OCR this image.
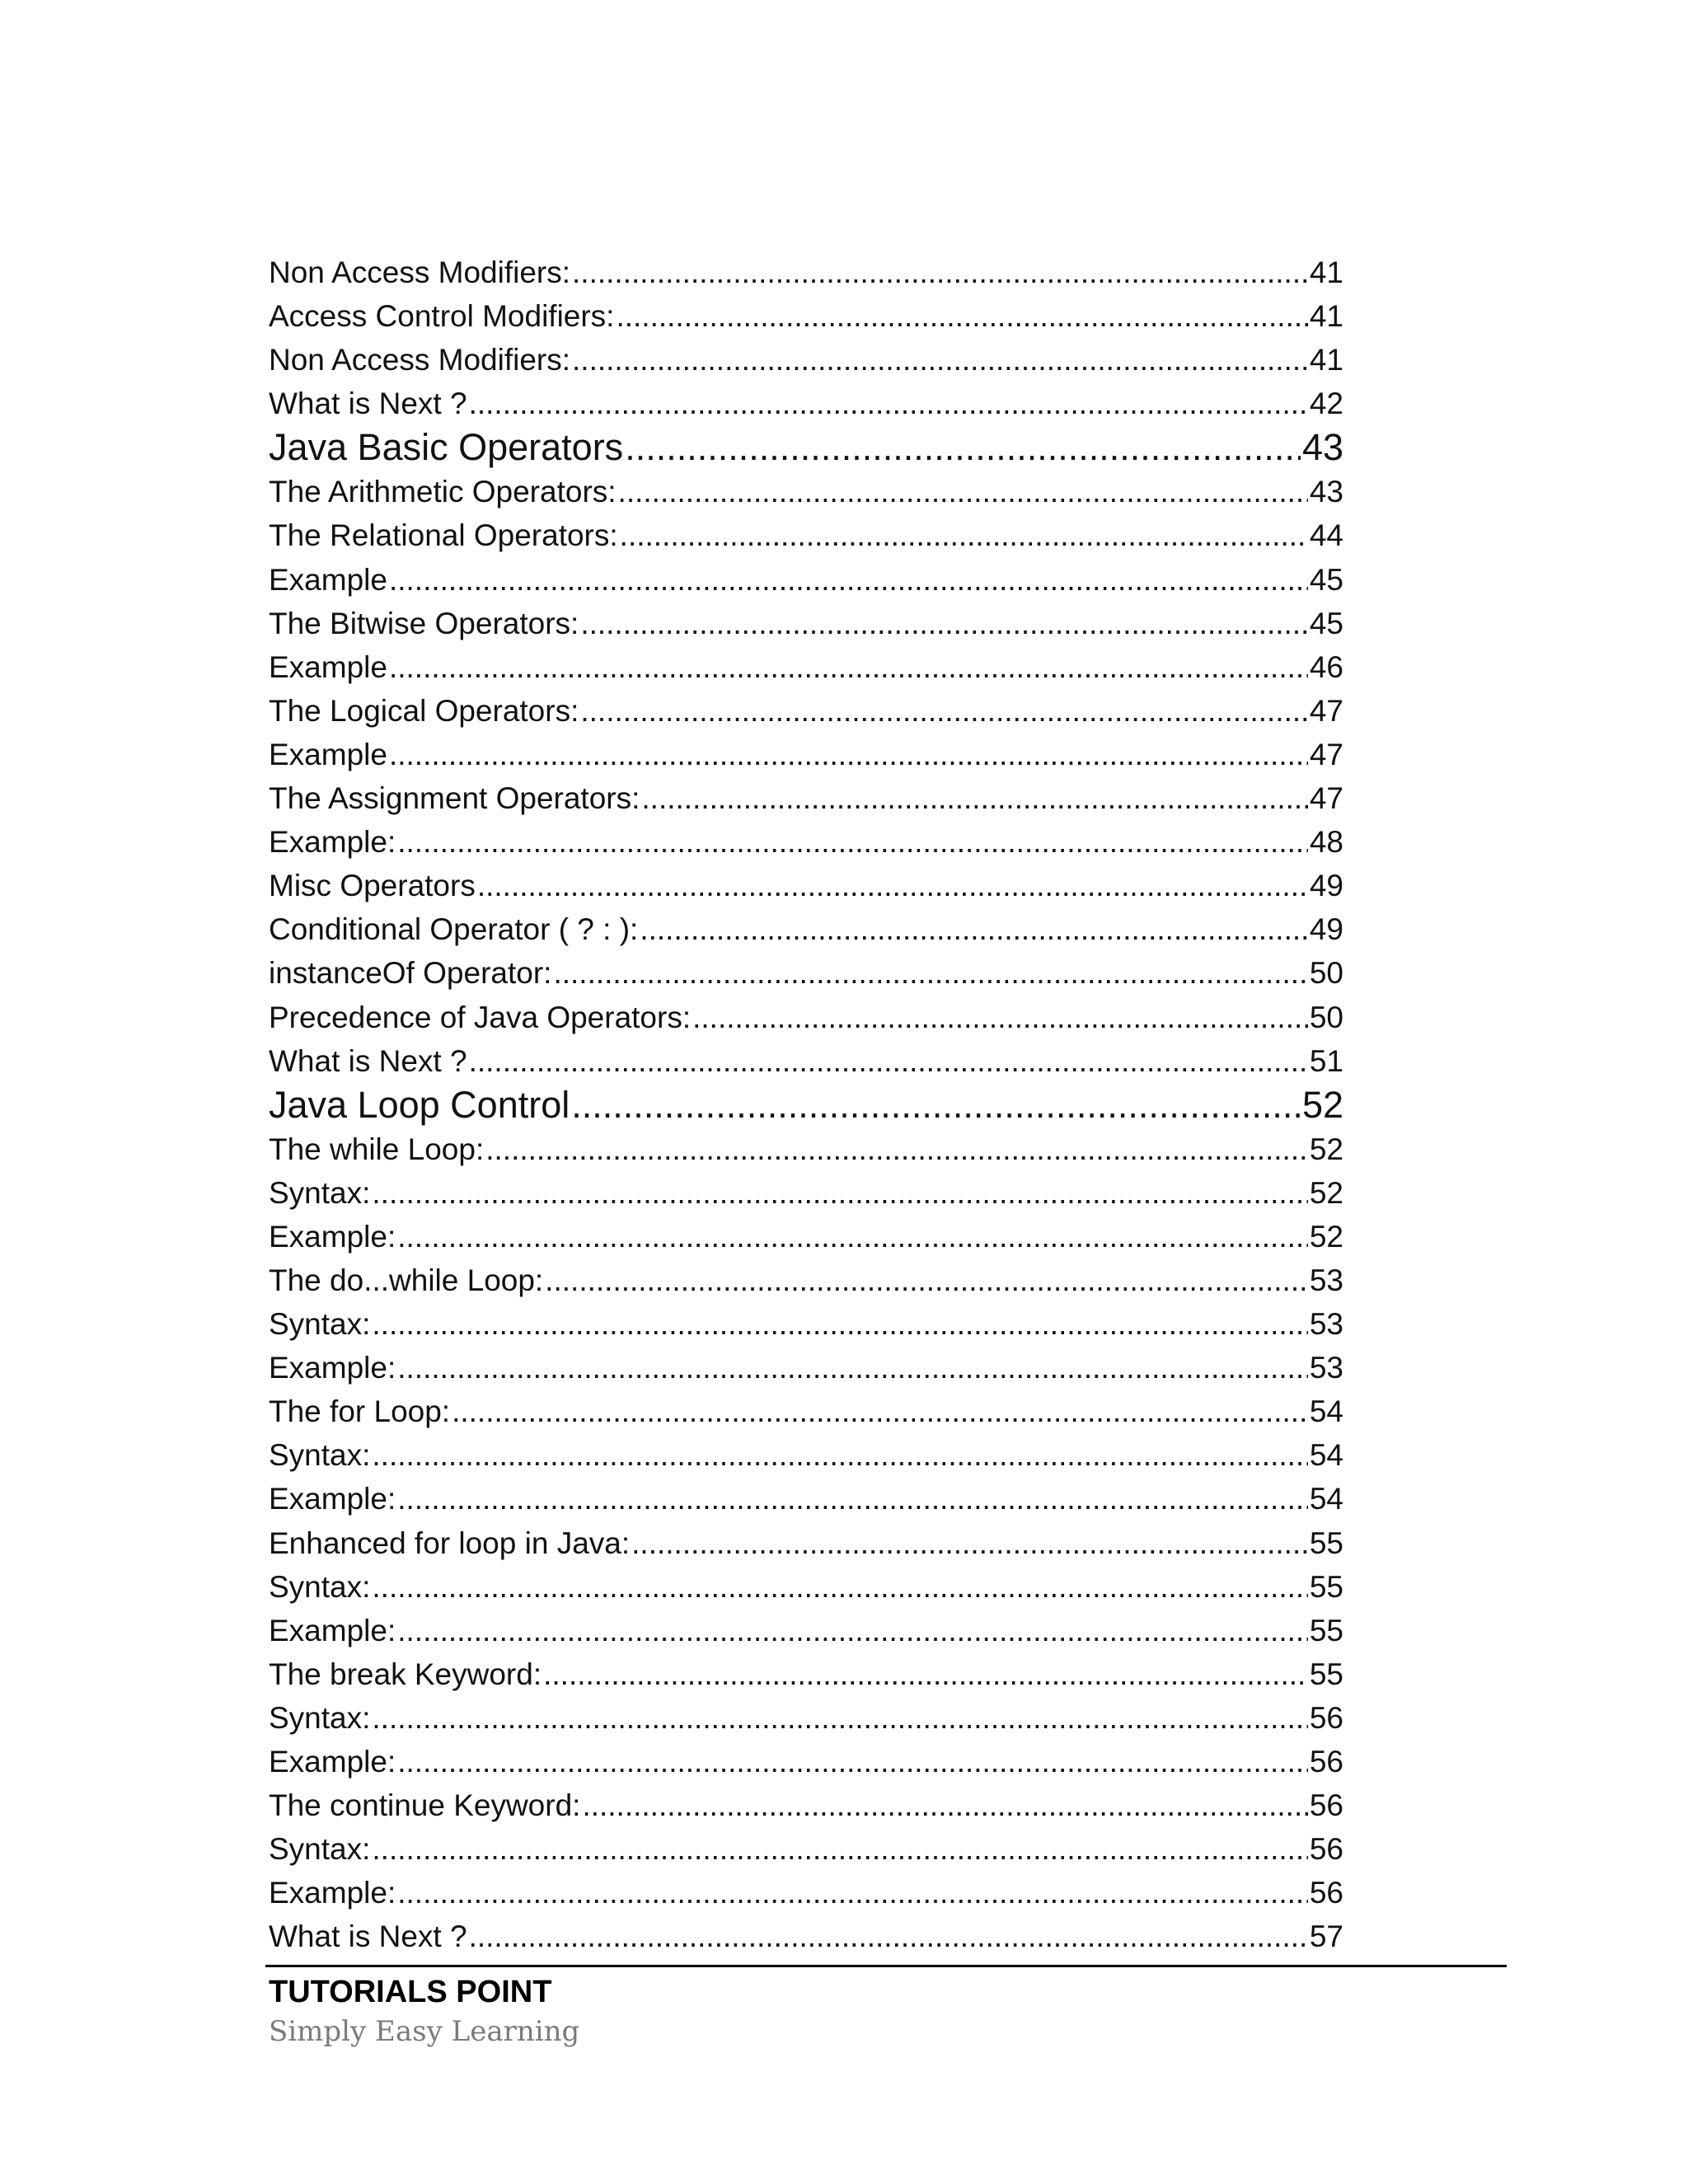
Non Access Modifiers: .....	41
Access Control Modifiers: .....	41
Non Access Modifiers: .....	41
What is Next ? .....	42
Java Basic Operators .....	43
The Arithmetic Operators: .....	43
The Relational Operators: .....	44
Example .....	45
The Bitwise Operators: .....	45
Example .....	46
The Logical Operators: .....	47
Example .....	47
The Assignment Operators: .....	47
Example: .....	48
Misc Operators .....	49
Conditional Operator ( ? : ): .....	49
instanceOf Operator: .....	50
Precedence of Java Operators: .....	50
What is Next ? .....	51
Java Loop Control .....	52
The while Loop: .....	52
Syntax: .....	52
Example: .....	52
The do...while Loop: .....	53
Syntax: .....	53
Example: .....	53
The for Loop: .....	54
Syntax: .....	54
Example: .....	54
Enhanced for loop in Java: .....	55
Syntax: .....	55
Example: .....	55
The break Keyword: .....	55
Syntax: .....	56
Example: .....	56
The continue Keyword: .....	56
Syntax: .....	56
Example: .....	56
What is Next ? .....	57
TUTORIALS POINT
Simply Easy Learning
